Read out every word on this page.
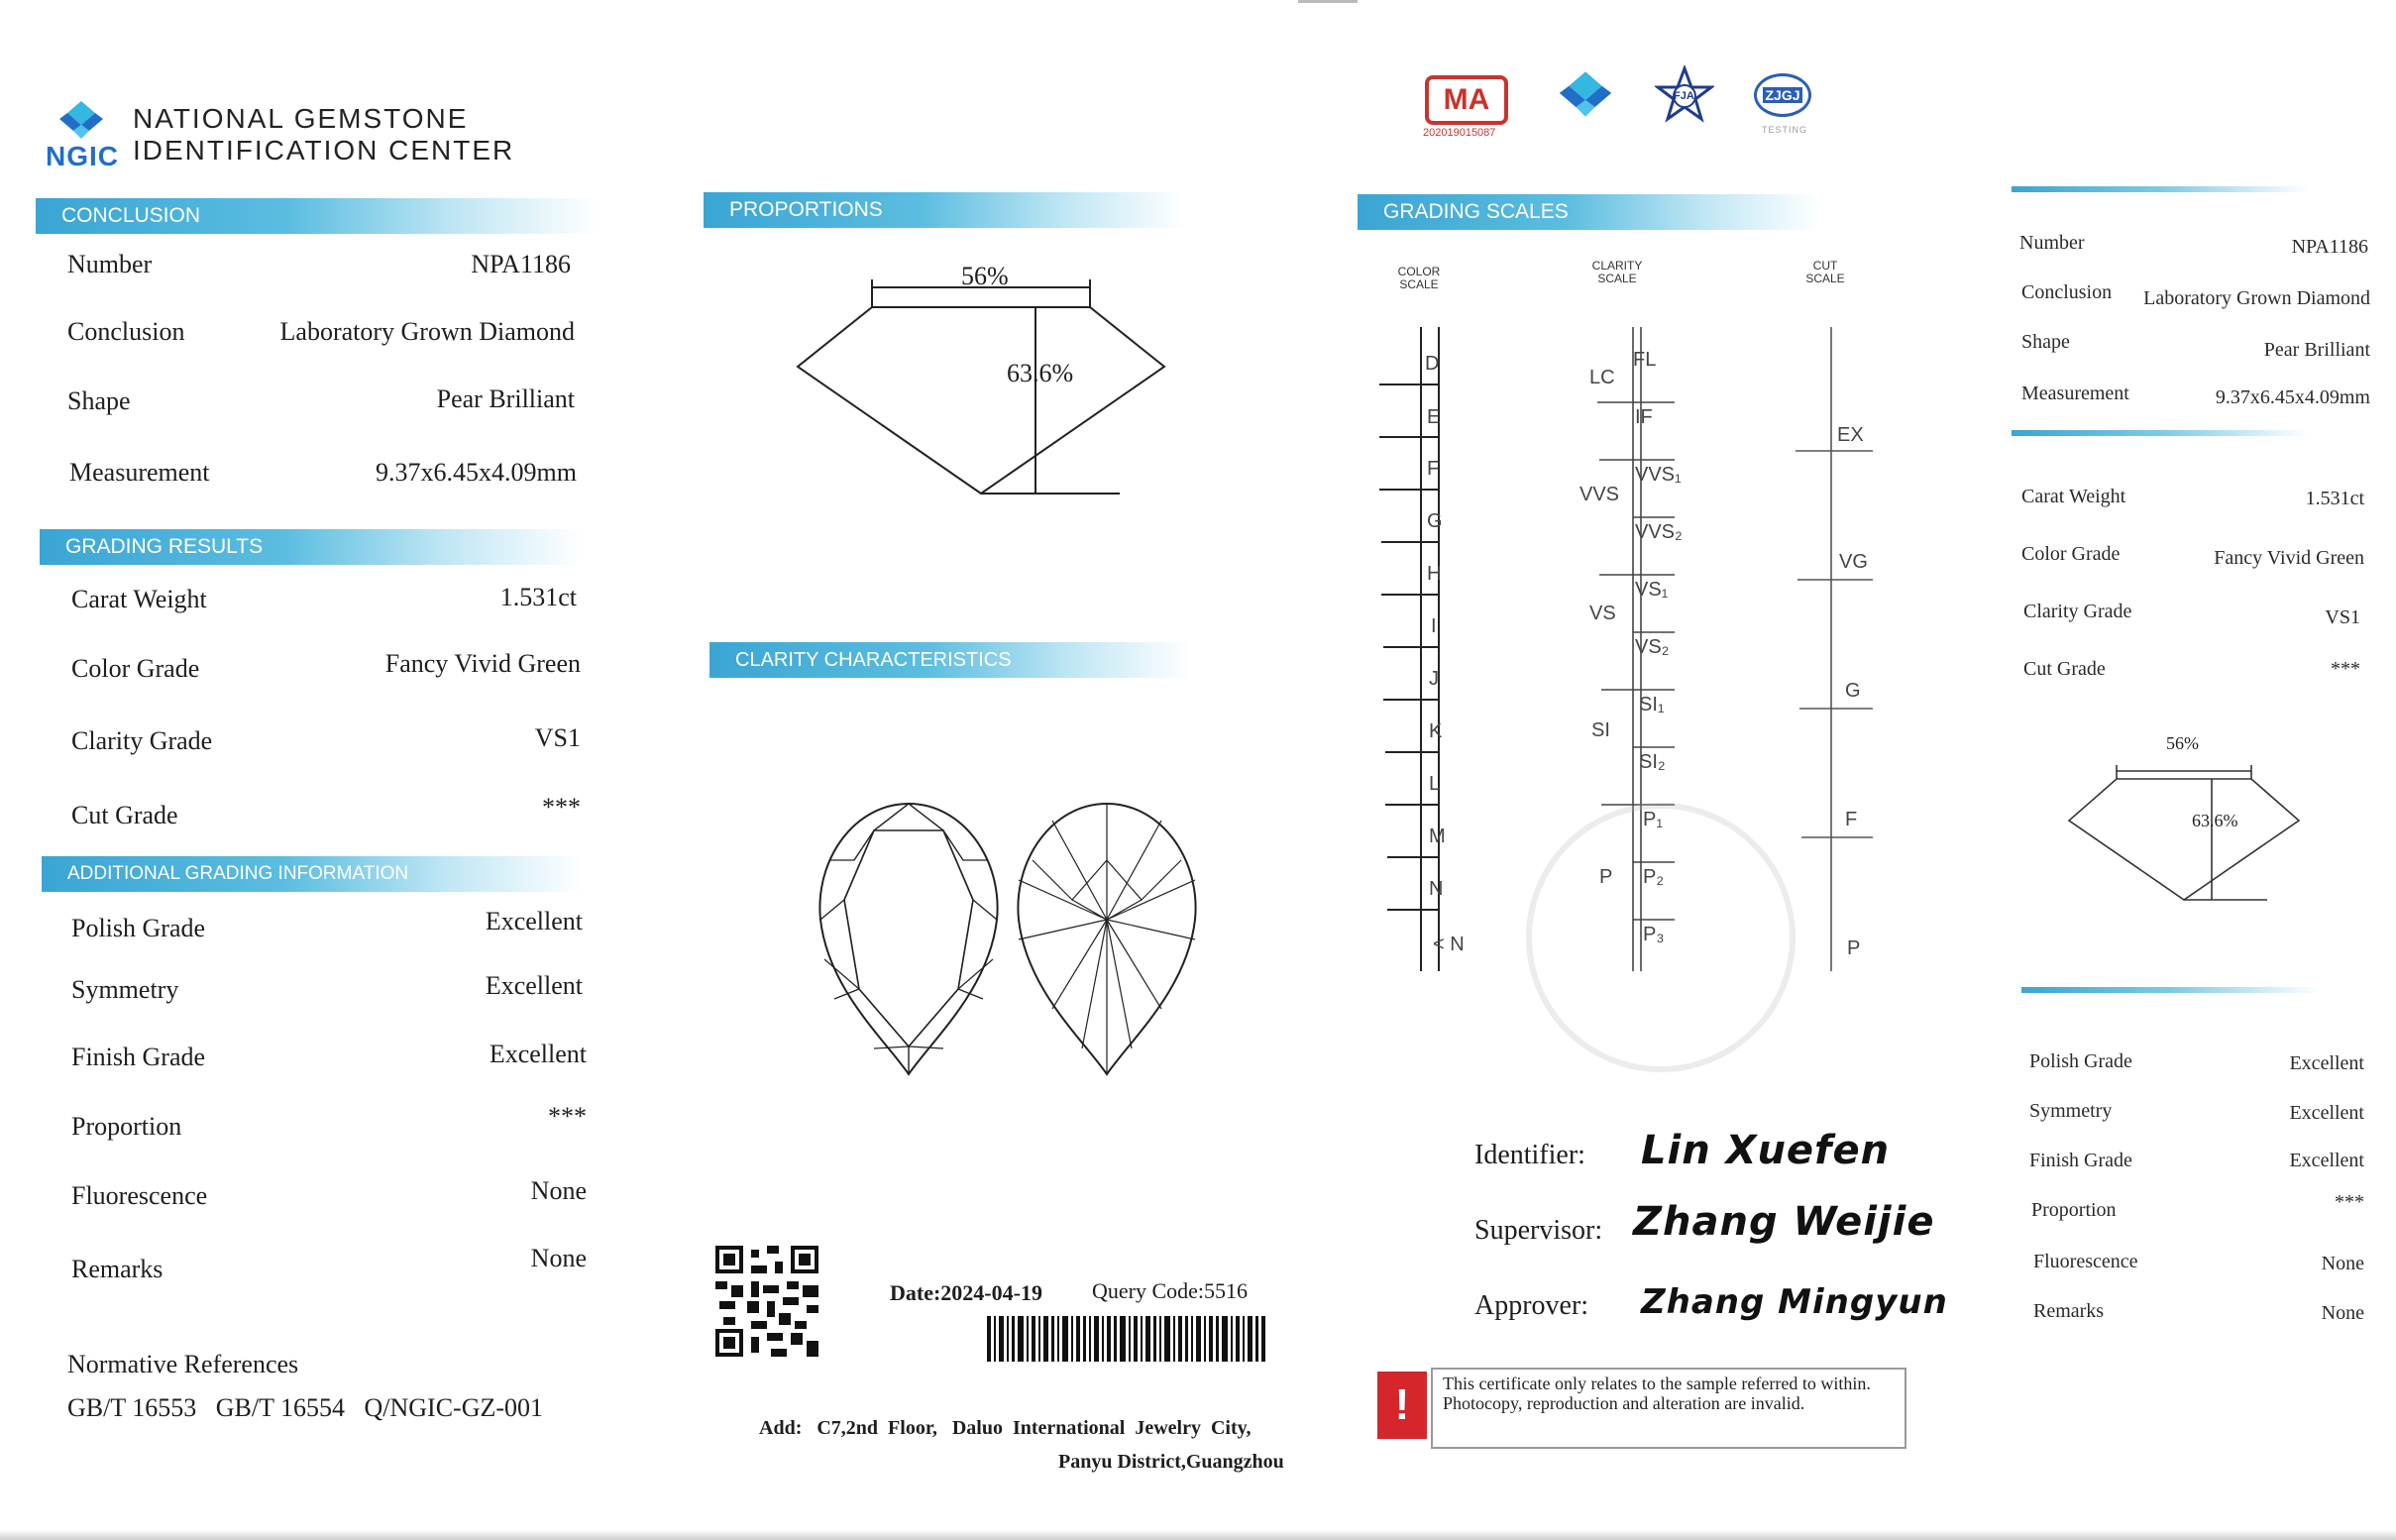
NGIC
NATIONAL GEMSTONE
IDENTIFICATION CENTER
CONCLUSION
Number	NPA1186
Conclusion	Laboratory Grown Diamond
Shape	Pear Brilliant
Measurement	9.37x6.45x4.09mm
GRADING RESULTS
Carat Weight	1.531ct
Color Grade	Fancy Vivid Green
Clarity Grade	VS1
Cut Grade	***
ADDITIONAL GRADING INFORMATION
Polish Grade	Excellent
Symmetry	Excellent
Finish Grade	Excellent
Proportion	***
Fluorescence	None
Remarks	None
Normative References
GB/T 16553   GB/T 16554   Q/NGIC-GZ-001
PROPORTIONS
56%
63.6%
CLARITY CHARACTERISTICS
Date:2024-04-19 Query Code:5516
Add:   C7,2nd  Floor,   Daluo  International  Jewelry  City,
Panyu District,Guangzhou
MA
202019015087
FJA	ZJGJ
TESTING
GRADING SCALES
COLOR
SCALE
CLARITY
SCALE
CUT
SCALE
D
E
F
G
H
I
J
K
L
M
N
< N
LC
VVS
VS
SI
P
FL
IF
VVS₁
VVS₂
VS₁
VS₂
SI₁
SI₂
P₁
P₂
P₃
EX
VG
G
F
P
Identifier: Lin Xuefen
Supervisor: Zhang Weijie
Approver: Zhang Mingyun
!	This certificate only relates to the sample referred to within. Photocopy, reproduction and alteration are invalid.
Number	NPA1186
Conclusion	Laboratory Grown Diamond
Shape	Pear Brilliant
Measurement	9.37x6.45x4.09mm
Carat Weight	1.531ct
Color Grade	Fancy Vivid Green
Clarity Grade	VS1
Cut Grade	***
56%
63.6%
Polish Grade	Excellent
Symmetry	Excellent
Finish Grade	Excellent
Proportion	***
Fluorescence	None
Remarks	None
